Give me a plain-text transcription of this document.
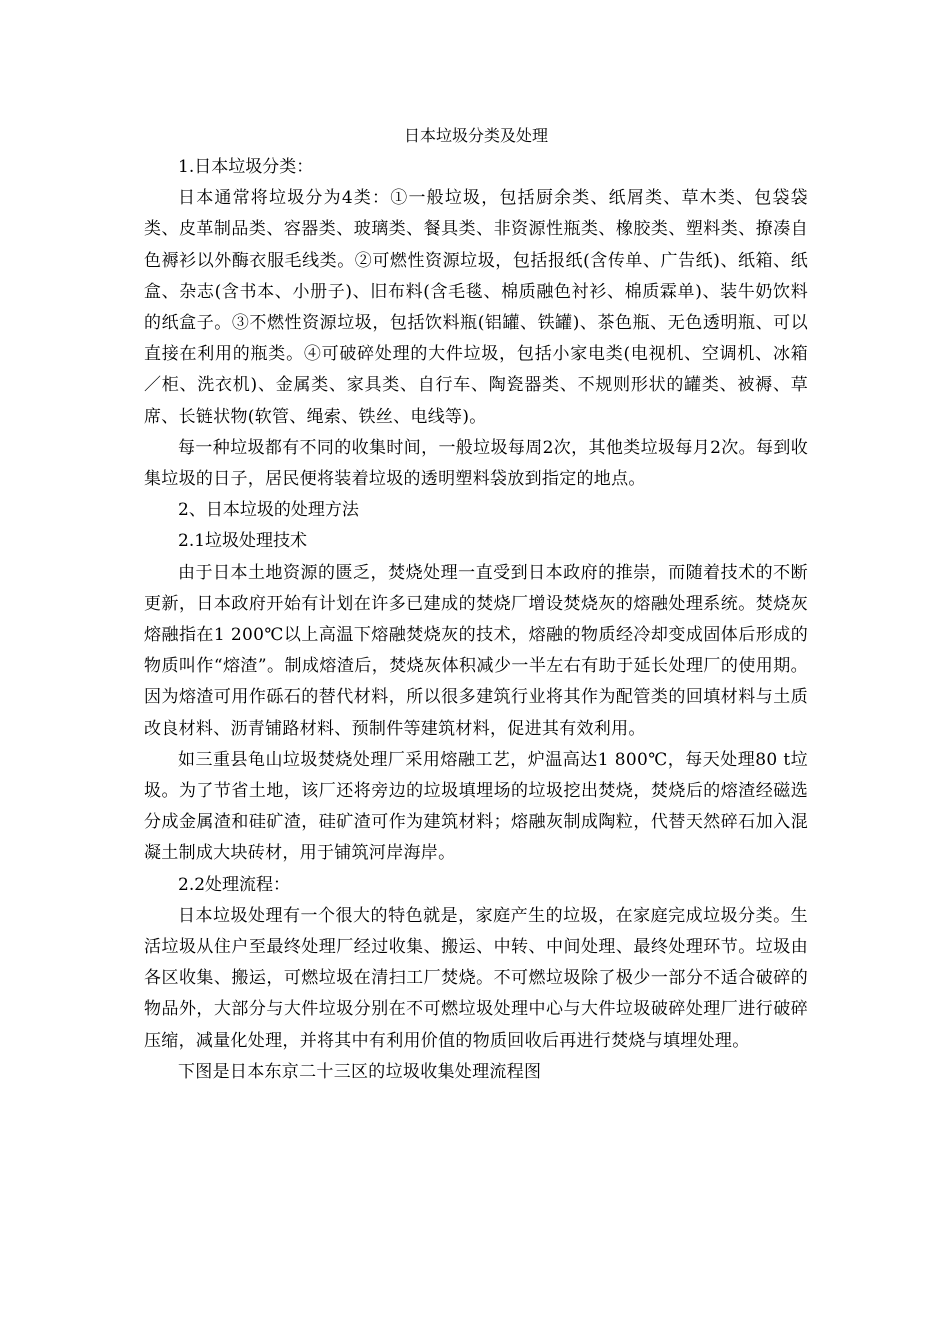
日本垃圾分类及处理

1.日本垃圾分类：

日本通常将垃圾分为4类：①一般垃圾，包括厨余类、纸屑类、草木类、包袋袋类、皮革制品类、容器类、玻璃类、餐具类、非资源性瓶类、橡胶类、塑料类、撩凑自色褥衫以外酶衣服毛线类。②可燃性资源垃圾，包括报纸(含传单、广告纸)、纸箱、纸盒、杂志(含书本、小册子)、旧布料(含毛毯、棉质融色衬衫、棉质霖单)、装牛奶饮料的纸盒子。③不燃性资源垃圾，包括饮料瓶(铝罐、铁罐)、茶色瓶、无色透明瓶、可以直接在利用的瓶类。④可破碎处理的大件垃圾，包括小家电类(电视机、空调机、冰箱／柜、洗衣机)、金属类、家具类、自行车、陶瓷器类、不规则形状的罐类、被褥、草席、长链状物(软管、绳索、铁丝、电线等)。

每一种垃圾都有不同的收集时间，一般垃圾每周2次，其他类垃圾每月2次。每到收集垃圾的日子，居民便将装着垃圾的透明塑料袋放到指定的地点。

2、日本垃圾的处理方法

2.1垃圾处理技术

由于日本土地资源的匮乏，焚烧处理一直受到日本政府的推崇，而随着技术的不断更新，日本政府开始有计划在许多已建成的焚烧厂增设焚烧灰的熔融处理系统。焚烧灰熔融指在1 200℃以上高温下熔融焚烧灰的技术，熔融的物质经冷却变成固体后形成的物质叫作“熔渣”。制成熔渣后，焚烧灰体积减少一半左右有助于延长处理厂的使用期。因为熔渣可用作砾石的替代材料，所以很多建筑行业将其作为配管类的回填材料与土质改良材料、沥青铺路材料、预制件等建筑材料，促进其有效利用。

如三重县龟山垃圾焚烧处理厂采用熔融工艺，炉温高达1 800℃，每天处理80 t垃圾。为了节省土地，该厂还将旁边的垃圾填埋场的垃圾挖出焚烧，焚烧后的熔渣经磁选分成金属渣和硅矿渣，硅矿渣可作为建筑材料；熔融灰制成陶粒，代替天然碎石加入混凝土制成大块砖材，用于铺筑河岸海岸。

2.2处理流程：

日本垃圾处理有一个很大的特色就是，家庭产生的垃圾，在家庭完成垃圾分类。生活垃圾从住户至最终处理厂经过收集、搬运、中转、中间处理、最终处理环节。垃圾由各区收集、搬运，可燃垃圾在清扫工厂焚烧。不可燃垃圾除了极少一部分不适合破碎的物品外，大部分与大件垃圾分别在不可燃垃圾处理中心与大件垃圾破碎处理厂进行破碎压缩，减量化处理，并将其中有利用价值的物质回收后再进行焚烧与填埋处理。

下图是日本东京二十三区的垃圾收集处理流程图
